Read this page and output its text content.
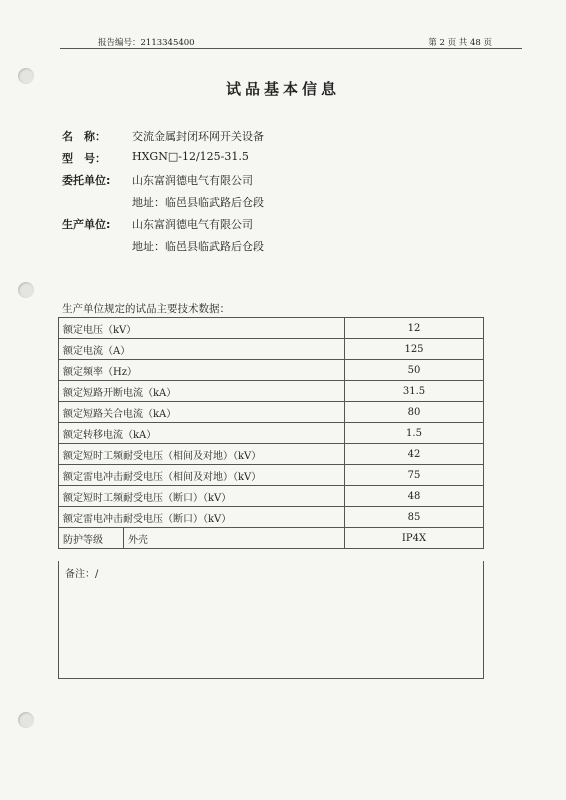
报告编号：2113345400	第 2 页 共 48 页
试品基本信息
名　称：	交流金属封闭环网开关设备
型　号：	HXGN□-12/125-31.5
委托单位:	山东富润德电气有限公司
地址：临邑县临武路后仓段
生产单位:	山东富润德电气有限公司
地址：临邑县临武路后仓段
生产单位规定的试品主要技术数据：
额定电压（kV）		12
额定电流（A）		125
额定频率（Hz）		50
额定短路开断电流（kA）		31.5
额定短路关合电流（kA）		80
额定转移电流（kA）		1.5
额定短时工频耐受电压（相间及对地）（kV）		42
额定雷电冲击耐受电压（相间及对地）（kV）		75
额定短时工频耐受电压（断口）（kV）		48
额定雷电冲击耐受电压（断口）（kV）		85
防护等级	外壳	IP4X
备注：/
